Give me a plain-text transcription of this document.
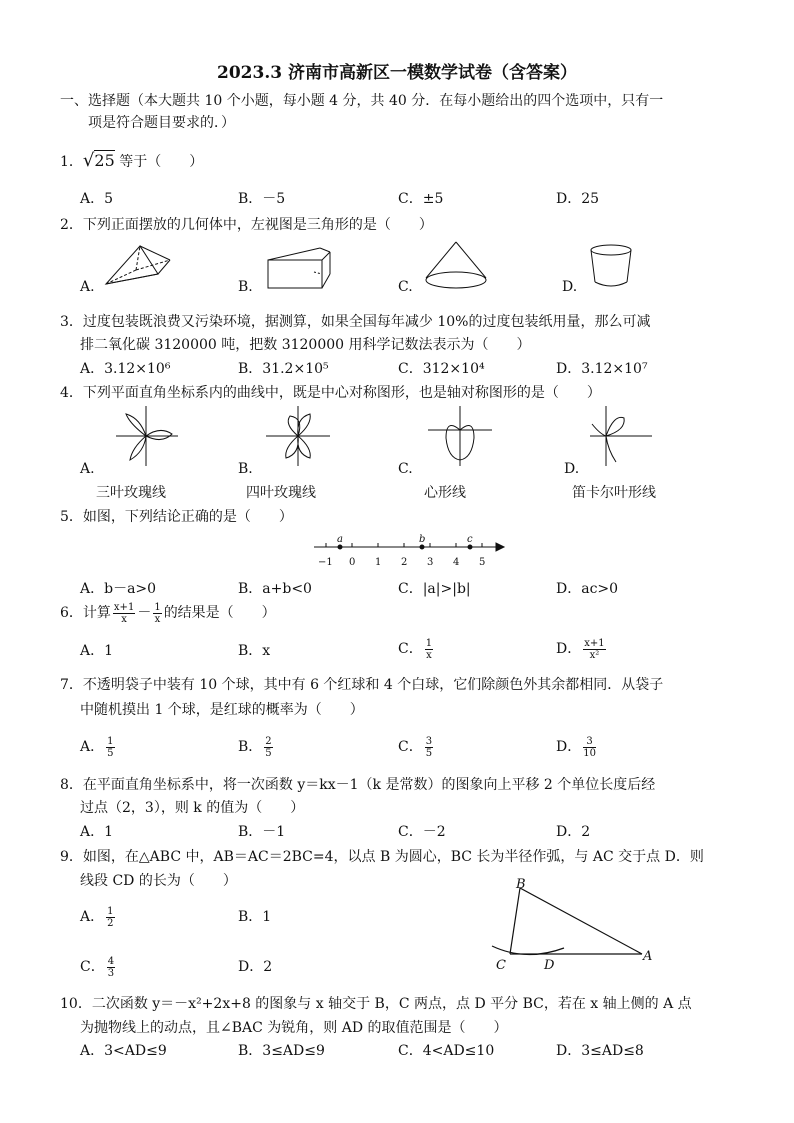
2023.3 济南市高新区一模数学试卷（含答案）
一、选择题（本大题共 10 个小题，每小题 4 分，共 40 分．在每小题给出的四个选项中，只有一
项是符合题目要求的．）
1．√25 等于（　　）
A．5	B．－5	C．±5	D．25
2．下列正面摆放的几何体中，左视图是三角形的是（　　）
A.	B.	C.	D.
3．过度包装既浪费又污染环境，据测算，如果全国每年减少 10%的过度包装纸用量，那么可减
排二氧化碳 3120000 吨，把数 3120000 用科学记数法表示为（　　）
A．3.12×10⁶	B．31.2×10⁵	C．312×10⁴	D．3.12×10⁷
4．下列平面直角坐标系内的曲线中，既是中心对称图形，也是轴对称图形的是（　　）
A.	B.	C.	D.
三叶玫瑰线	四叶玫瑰线	心形线	笛卡尔叶形线
5．如图，下列结论正确的是（　　）
−1 0 1 2 3 4 5
a	b	c
A．b－a>0	B．a+b<0	C．|a|>|b|	D．ac>0
6．计算 $\frac{x+1}{x} - \frac{1}{x}$ 的结果是（　　）
A．1	B．x	C． $\frac{1}{x}$	D． $\frac{x+1}{\text{x²}}$
7．不透明袋子中装有 10 个球，其中有 6 个红球和 4 个白球，它们除颜色外其余都相同．从袋子
中随机摸出 1 个球，是红球的概率为（　　）
A． $\frac{1}{5}$	B． $\frac{2}{5}$	C． $\frac{3}{5}$	D． $\frac{3}{10}$
8．在平面直角坐标系中，将一次函数 y＝kx－1（k 是常数）的图象向上平移 2 个单位长度后经
过点（2，3），则 k 的值为（　　）
A．1	B．－1	C．－2	D．2
9．如图，在△ABC 中，AB＝AC＝2BC=4，以点 B 为圆心，BC 长为半径作弧，与 AC 交于点 D．则
线段 CD 的长为（　　）
A． $\frac{1}{2}$	B．1
C． $\frac{4}{3}$	D．2
B
C	D
A
10．二次函数 y＝－x²+2x+8 的图象与 x 轴交于 B，C 两点，点 D 平分 BC，若在 x 轴上侧的 A 点
为抛物线上的动点，且∠BAC 为锐角，则 AD 的取值范围是（　　）
A．3<AD≤9	B．3≤AD≤9	C．4<AD≤10	D．3≤AD≤8
